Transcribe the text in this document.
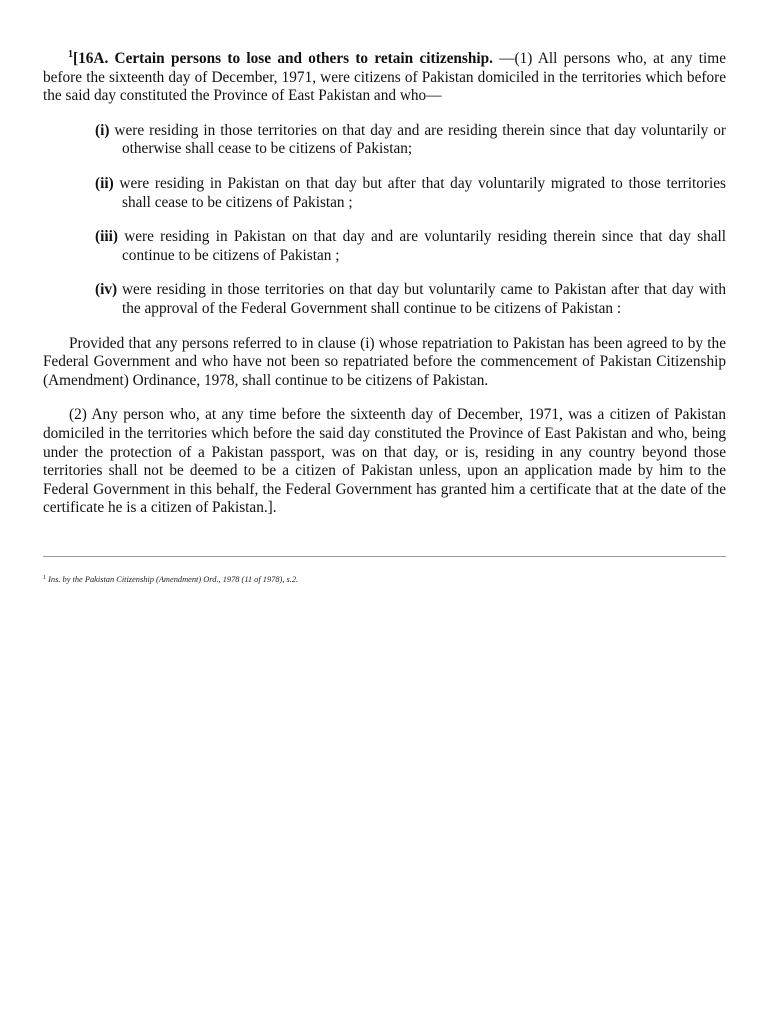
$^1$[16A. Certain persons to lose and others to retain citizenship. ––(1) All persons who, at any time before the sixteenth day of December, 1971, were citizens of Pakistan domiciled in the territories which before the said day constituted the Province of East Pakistan and who––

(i) were residing in those territories on that day and are residing therein since that day voluntarily or otherwise shall cease to be citizens of Pakistan;
(ii) were residing in Pakistan on that day but after that day voluntarily migrated to those territories shall cease to be citizens of Pakistan ;
(iii) were residing in Pakistan on that day and are voluntarily residing therein since that day shall continue to be citizens of Pakistan ;
(iv) were residing in those territories on that day but voluntarily came to Pakistan after that day with the approval of the Federal Government shall continue to be citizens of Pakistan :

Provided that any persons referred to in clause (i) whose repatriation to Pakistan has been agreed to by the Federal Government and who have not been so repatriated before the commencement of Pakistan Citizenship (Amendment) Ordinance, 1978, shall continue to be citizens of Pakistan.

(2) Any person who, at any time before the sixteenth day of December, 1971, was a citizen of Pakistan domiciled in the territories which before the said day constituted the Province of East Pakistan and who, being under the protection of a Pakistan passport, was on that day, or is, residing in any country beyond those territories shall not be deemed to be a citizen of Pakistan unless, upon an application made by him to the Federal Government in this behalf, the Federal Government has granted him a certificate that at the date of the certificate he is a citizen of Pakistan.].

$^1$ Ins. by the Pakistan Citizenship (Amendment) Ord., 1978 (11 of 1978), s.2.
